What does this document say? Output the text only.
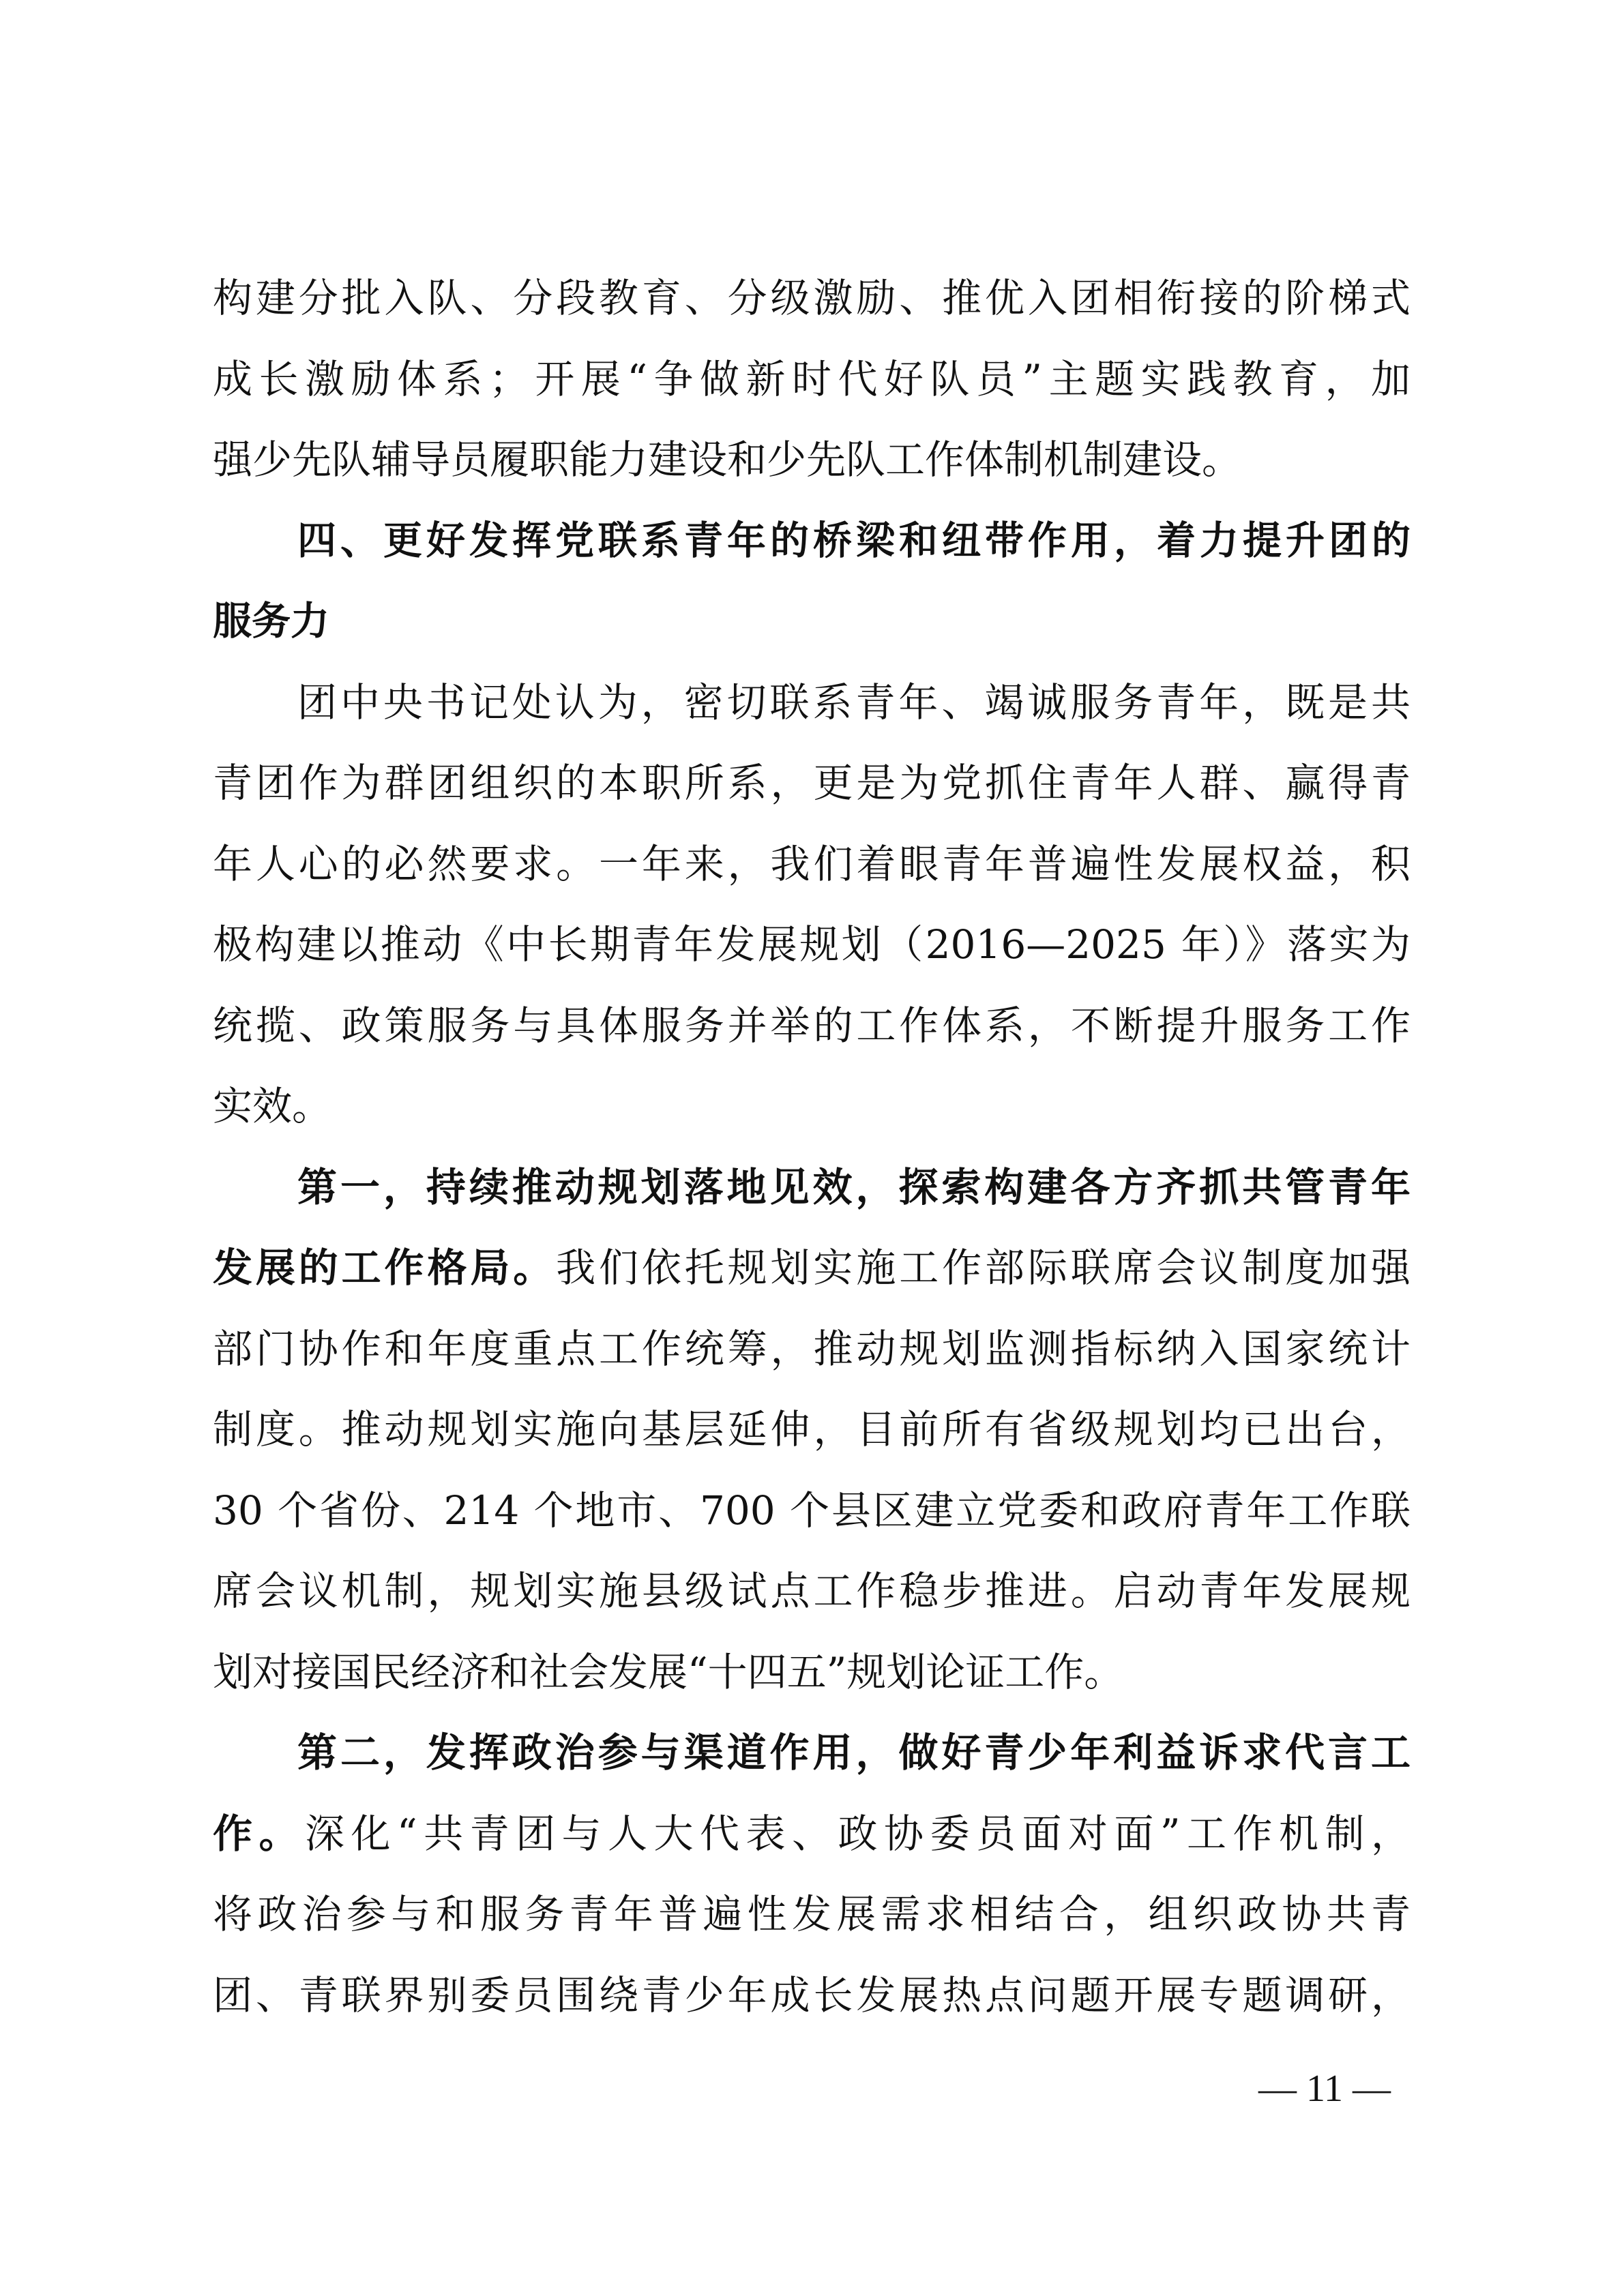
构建分批入队、分段教育、分级激励、推优入团相衔接的阶梯式
成长激励体系；开展“争做新时代好队员”主题实践教育，加
强少先队辅导员履职能力建设和少先队工作体制机制建设。
四、更好发挥党联系青年的桥梁和纽带作用，着力提升团的
服务力
团中央书记处认为，密切联系青年、竭诚服务青年，既是共
青团作为群团组织的本职所系，更是为党抓住青年人群、赢得青
年人心的必然要求。一年来，我们着眼青年普遍性发展权益，积
极构建以推动《中长期青年发展规划（2016—2025 年）》落实为
统揽、政策服务与具体服务并举的工作体系，不断提升服务工作
实效。
第一，持续推动规划落地见效，探索构建各方齐抓共管青年
发展的工作格局。我们依托规划实施工作部际联席会议制度加强
部门协作和年度重点工作统筹，推动规划监测指标纳入国家统计
制度。推动规划实施向基层延伸，目前所有省级规划均已出台，
30 个省份、214 个地市、700 个县区建立党委和政府青年工作联
席会议机制，规划实施县级试点工作稳步推进。启动青年发展规
划对接国民经济和社会发展“十四五”规划论证工作。
第二，发挥政治参与渠道作用，做好青少年利益诉求代言工
作。深化“共青团与人大代表、政协委员面对面”工作机制，
将政治参与和服务青年普遍性发展需求相结合，组织政协共青
团、青联界别委员围绕青少年成长发展热点问题开展专题调研，
— 11 —
